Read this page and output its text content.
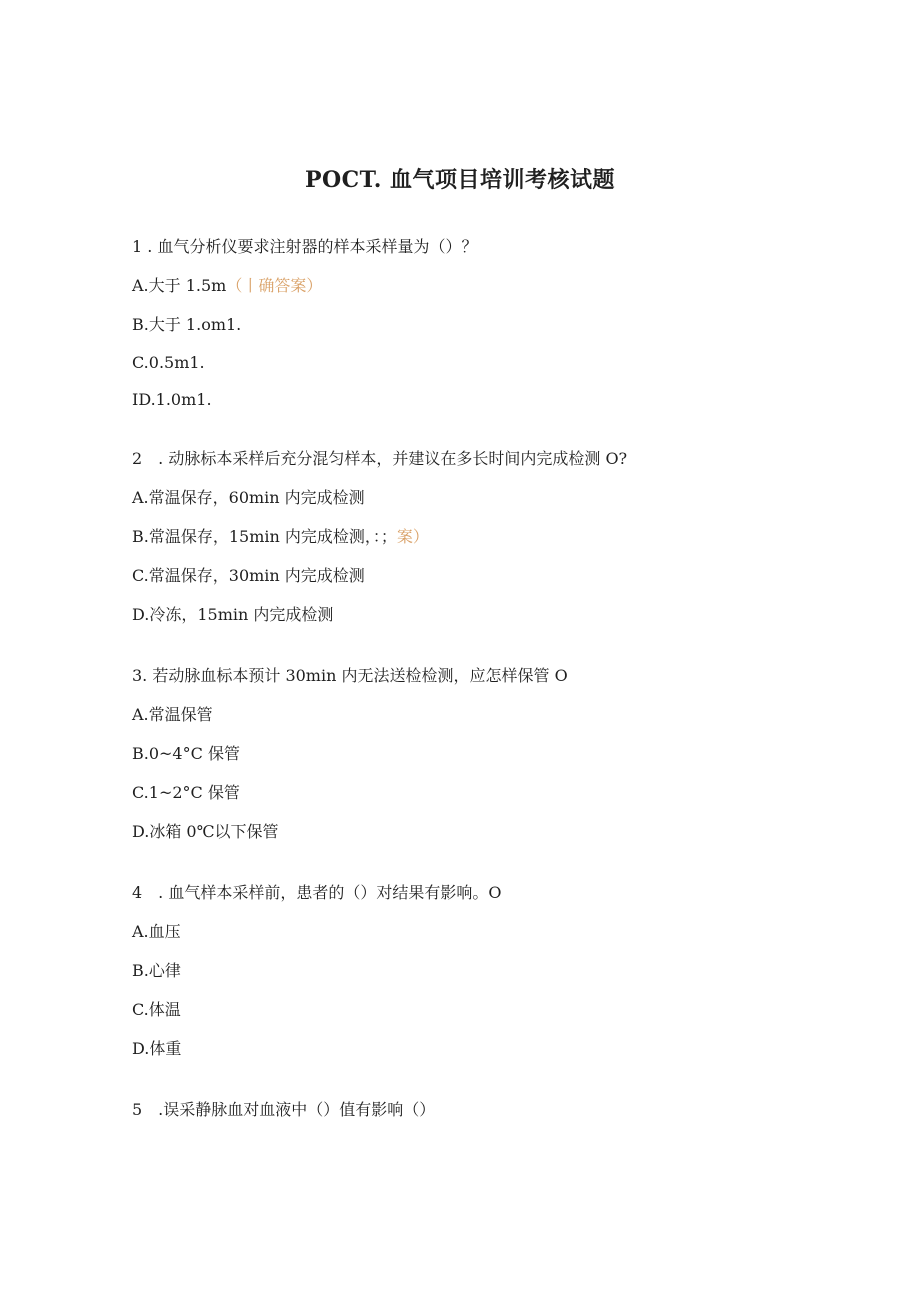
POCT. 血气项目培训考核试题
1 . 血气分析仪要求注射器的样本采样量为（）？
A.大于 1.5m（丨确答案）
B.大于 1.om1.
C.0.5m1.
ID.1.0m1.
2　. 动脉标本采样后充分混匀样本，并建议在多长时间内完成检测 O?
A.常温保存，60min 内完成检测
B.常温保存，15min 内完成检测，：；案）
C.常温保存，30min 内完成检测
D.冷冻，15min 内完成检测
3. 若动脉血标本预计 30min 内无法送检检测，应怎样保管 O
A.常温保管
B.0~4°C 保管
C.1~2°C 保管
D.冰箱 0℃以下保管
4　. 血气样本采样前，患者的（）对结果有影响。O
A.血压
B.心律
C.体温
D.体重
5　.误采静脉血对血液中（）值有影响（）
